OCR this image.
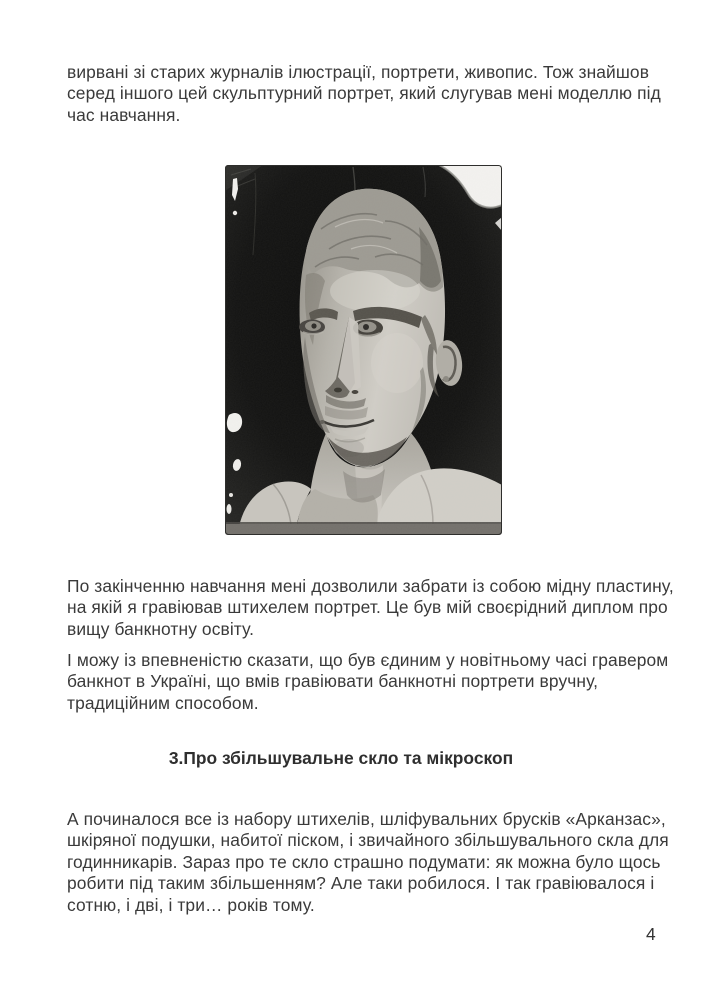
вирвані зі старих журналів ілюстрації, портрети, живопис. Тож знайшов
серед іншого цей скульптурний портрет, який слугував мені моделлю під
час навчання.
По закінченню навчання мені дозволили забрати із собою мідну пластину,
на якій я гравіював штихелем портрет. Це був мій своєрідний диплом про
вищу банкнотну освіту.
І можу із впевненістю сказати, що був єдиним у новітньому часі гравером
банкнот в Україні, що вмів гравіювати банкнотні портрети вручну,
традиційним способом.
3.Про збільшувальне скло та мікроскоп
А починалося все із набору штихелів, шліфувальних брусків «Арканзас»,
шкіряної подушки, набитої піском, і звичайного збільшувального скла для
годинникарів. Зараз про те скло страшно подумати: як можна було щось
робити під таким збільшенням? Але таки робилося. І так гравіювалося і
сотню, і дві, і три… років тому.
4
